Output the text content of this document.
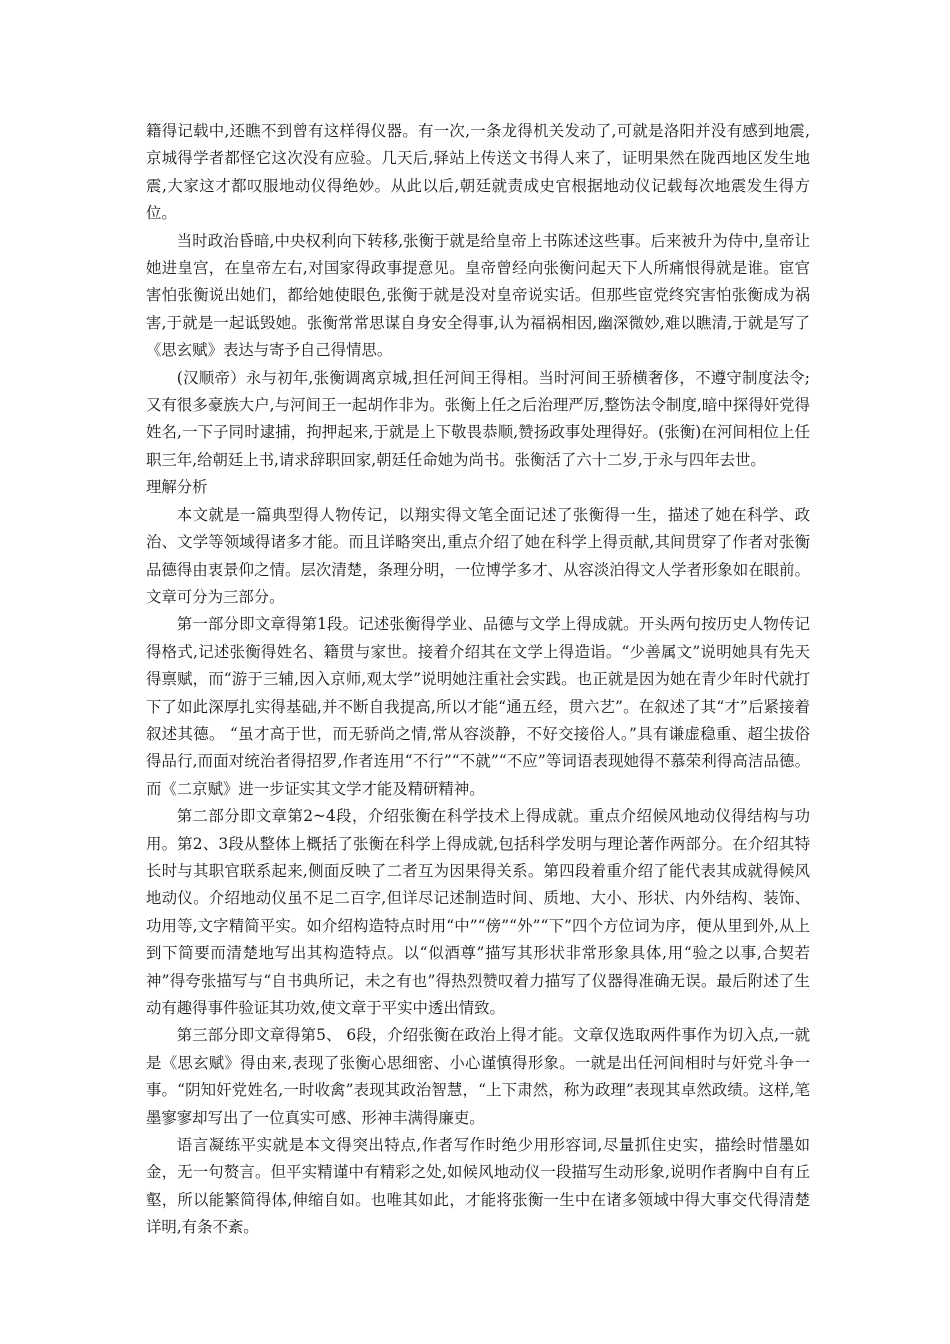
籍得记载中,还瞧不到曾有这样得仪器。有一次,一条龙得机关发动了,可就是洛阳并没有感到地震,京城得学者都怪它这次没有应验。几天后,驿站上传送文书得人来了，证明果然在陇西地区发生地震,大家这才都叹服地动仪得绝妙。从此以后,朝廷就责成史官根据地动仪记载每次地震发生得方位。

当时政治昏暗,中央权利向下转移,张衡于就是给皇帝上书陈述这些事。后来被升为侍中,皇帝让她进皇宫，在皇帝左右,对国家得政事提意见。皇帝曾经向张衡问起天下人所痛恨得就是谁。宦官害怕张衡说出她们，都给她使眼色,张衡于就是没对皇帝说实话。但那些宦党终究害怕张衡成为祸害,于就是一起诋毁她。张衡常常思谋自身安全得事,认为福祸相因,幽深微妙,难以瞧清,于就是写了《思玄赋》表达与寄予自己得情思。

(汉顺帝）永与初年,张衡调离京城,担任河间王得相。当时河间王骄横奢侈，不遵守制度法令;又有很多豪族大户,与河间王一起胡作非为。张衡上任之后治理严厉,整饬法令制度,暗中探得奸党得姓名,一下子同时逮捕，拘押起来,于就是上下敬畏恭顺,赞扬政事处理得好。(张衡)在河间相位上任职三年,给朝廷上书,请求辞职回家,朝廷任命她为尚书。张衡活了六十二岁,于永与四年去世。

理解分析

本文就是一篇典型得人物传记，以翔实得文笔全面记述了张衡得一生，描述了她在科学、政治、文学等领域得诸多才能。而且详略突出,重点介绍了她在科学上得贡献,其间贯穿了作者对张衡品德得由衷景仰之情。层次清楚，条理分明，一位博学多才、从容淡泊得文人学者形象如在眼前。文章可分为三部分。

第一部分即文章得第1段。记述张衡得学业、品德与文学上得成就。开头两句按历史人物传记得格式,记述张衡得姓名、籍贯与家世。接着介绍其在文学上得造诣。“少善属文”说明她具有先天得禀赋，而“游于三辅,因入京师,观太学”说明她注重社会实践。也正就是因为她在青少年时代就打下了如此深厚扎实得基础,并不断自我提高,所以才能“通五经，贯六艺”。在叙述了其“才”后紧接着叙述其德。 “虽才高于世，而无骄尚之情,常从容淡静，不好交接俗人。”具有谦虚稳重、超尘拔俗得品行,而面对统治者得招罗,作者连用“不行”“不就”“不应”等词语表现她得不慕荣利得高洁品德。而《二京赋》进一步证实其文学才能及精研精神。

第二部分即文章第2~4段，介绍张衡在科学技术上得成就。重点介绍候风地动仪得结构与功用。第2、3段从整体上概括了张衡在科学上得成就,包括科学发明与理论著作两部分。在介绍其特长时与其职官联系起来,侧面反映了二者互为因果得关系。第四段着重介绍了能代表其成就得候风地动仪。介绍地动仪虽不足二百字,但详尽记述制造时间、质地、大小、形状、内外结构、装饰、功用等,文字精简平实。如介绍构造特点时用“中”“傍”“外”“下”四个方位词为序，便从里到外,从上到下简要而清楚地写出其构造特点。以“似酒尊”描写其形状非常形象具体,用“验之以事,合契若神”得夸张描写与“自书典所记，未之有也”得热烈赞叹着力描写了仪器得准确无误。最后附述了生动有趣得事件验证其功效,使文章于平实中透出情致。

第三部分即文章得第5、 6段，介绍张衡在政治上得才能。文章仅选取两件事作为切入点,一就是《思玄赋》得由来,表现了张衡心思细密、小心谨慎得形象。一就是出任河间相时与奸党斗争一事。“阴知奸党姓名,一时收禽”表现其政治智慧，“上下肃然，称为政理”表现其卓然政绩。这样,笔墨寥寥却写出了一位真实可感、形神丰满得廉吏。

语言凝练平实就是本文得突出特点,作者写作时绝少用形容词,尽量抓住史实，描绘时惜墨如金，无一句赘言。但平实精谨中有精彩之处,如候风地动仪一段描写生动形象,说明作者胸中自有丘壑，所以能繁简得体,伸缩自如。也唯其如此，才能将张衡一生中在诸多领域中得大事交代得清楚详明,有条不紊。
